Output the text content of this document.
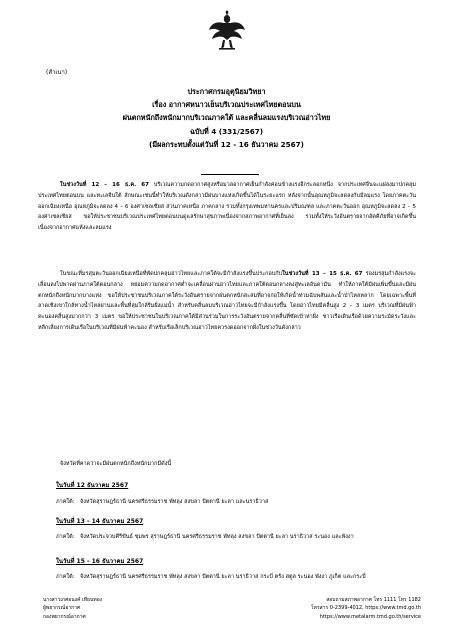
(สำเนา)
ประกาศกรมอุตุนิยมวิทยา
เรื่อง อากาศหนาวเย็นบริเวณประเทศไทยตอนบน
ฝนตกหนักถึงหนักมากบริเวณภาคใต้ และคลื่นลมแรงบริเวณอ่าวไทย
ฉบับที่ 4 (331/2567)
(มีผลกระทบตั้งแต่วันที่ 12 - 16 ธันวาคม 2567)
ในช่วงวันที่ 12 – 16 ธ.ค. 67 บริเวณความกดอากาศสูงหรือมวลอากาศเย็นกำลังค่อนข้างแรงอีกระลอกหนึ่ง จากประเทศจีนจะแผ่ลงมาปกคลุมประเทศไทยตอนบน และทะเลจีนใต้ ลักษณะเช่นนี้ทำให้บริเวณดังกล่าวมีฝนบางแห่งเกิดขึ้นได้ในระยะแรก หลังจากนั้นอุณหภูมิจะลดลงกับมีลมแรง โดยภาคตะวันออกเฉียงเหนือ อุณหภูมิจะลดลง 4 – 6 องศาเซลเซียส ส่วนภาคเหนือ ภาคกลาง รวมทั้งกรุงเทพมหานครและปริมณฑล และภาคตะวันออก อุณหภูมิจะลดลง 2 – 5 องศาเซลเซียส ขอให้ประชาชนบริเวณประเทศไทยตอนบนดูแลรักษาสุขภาพเนื่องจากสภาพอากาศที่เย็นลง รวมทั้งให้ระวังอันตรายจากอัคคีภัยที่อาจเกิดขึ้นเนื่องจากอากาศแห้งและลมแรง
ในขณะที่มรสุมตะวันออกเฉียงเหนือที่พัดปกคลุมอ่าวไทยและภาคใต้จะมีกำลังแรงขึ้นประกอบกับในช่วงวันที่ 13 – 15 ธ.ค. 67 ร่องมรสุมกำลังแรงจะเลื่อนลงไปพาดผ่านภาคใต้ตอนกลาง หย่อมความกดอากาศต่ำจะเคลื่อนผ่านอ่าวไทยและภาคใต้ตอนกลางลงสู่ทะเลอันดามัน ทำให้ภาคใต้มีฝนเพิ่มขึ้นและมีฝนตกหนักถึงหนักมากบางแห่ง ขอให้ประชาชนบริเวณภาคใต้ระวังอันตรายจากฝนตกหนักสะสมที่อาจก่อให้เกิดน้ำท่วมฉับพลันและน้ำป่าไหลหลาก โดยเฉพาะพื้นที่ลาดเชิงเขาใกล้ทางน้ำไหลผ่านและพื้นที่ลุ่มใกล้ริมฝั่งแม่น้ำ สำหรับคลื่นลมบริเวณอ่าวไทยจะมีกำลังแรงขึ้น โดยอ่าวไทยมีคลื่นสูง 2 – 3 เมตร บริเวณที่มีฝนฟ้าคะนองคลื่นสูงมากกว่า 3 เมตร ขอให้ประชาชนในบริเวณภาคใต้มีส่วนร่วมในการระวังอันตรายจากคลื่นที่ซัดเข้าหาฝั่ง ชาวเรือเดินเรือด้วยความระมัดระวังและหลีกเลี่ยงการเดินเรือในบริเวณที่มีฝนฟ้าคะนอง สำหรับเรือเล็กบริเวณอ่าวไทยควรงดออกจากฝั่งในช่วงวันดังกล่าว
จังหวัดที่คาดว่าจะมีฝนตกหนักถึงหนักมากมีดังนี้
ในวันที่ 12 ธันวาคม 2567
ภาคใต้: จังหวัดสุราษฎร์ธานี นครศรีธรรมราช พัทลุง สงขลา ปัตตานี ยะลา และนราธิวาส
ในวันที่ 13 - 14 ธันวาคม 2567
ภาคใต้: จังหวัดประจวบคีรีขันธ์ ชุมพร สุราษฎร์ธานี นครศรีธรรมราช พัทลุง สงขลา ปัตตานี ยะลา นราธิวาส ระนอง และพังงา
ในวันที่ 15 - 16 ธันวาคม 2567
ภาคใต้: จังหวัดสุราษฎร์ธานี นครศรีธรรมราช พัทลุง สงขลา ปัตตานี ยะลา นราธิวาส กระบี่ ตรัง สตูล ระนอง พังงา ภูเก็ต และกระบี่
นางสาวเกศอนงค์ เทียนทอง
ผู้พยากรณ์อากาศ
กองพยากรณ์อากาศ
สอบถามสภาพอากาศ โทร 1111 โทร 1182
โทรสาร 0-2399-4012, https://www.tmd.go.th
https://www.metalarm.tmd.go.th/service
